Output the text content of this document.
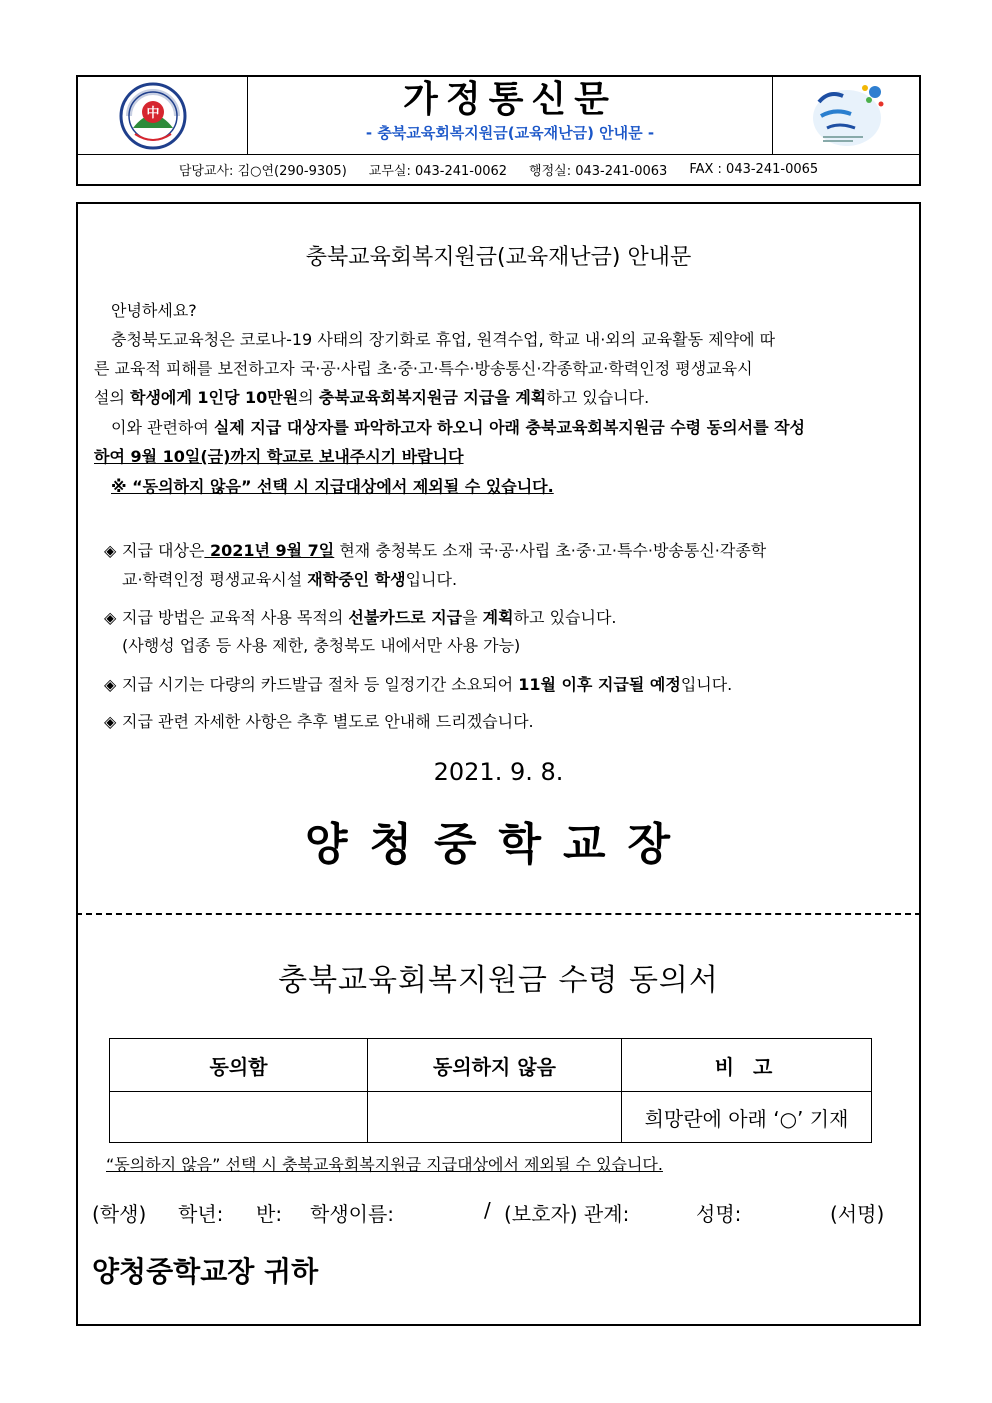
中	가정통신문
- 충북교육회복지원금(교육재난금) 안내문 -
담당교사: 김○연(290-9305) 교무실: 043-241-0062 행정실: 043-241-0063 FAX : 043-241-0065
충북교육회복지원금(교육재난금) 안내문
안녕하세요?
충청북도교육청은 코로나-19 사태의 장기화로 휴업, 원격수업, 학교 내·외의 교육활동 제약에 따
른 교육적 피해를 보전하고자 국·공·사립 초·중·고·특수·방송통신·각종학교·학력인정 평생교육시
설의 학생에게 1인당 10만원의 충북교육회복지원금 지급을 계획하고 있습니다.
이와 관련하여 실제 지급 대상자를 파악하고자 하오니 아래 충북교육회복지원금 수령 동의서를 작성
하여 9월 10일(금)까지 학교로 보내주시기 바랍니다
※ “동의하지 않음” 선택 시 지급대상에서 제외될 수 있습니다.
◈ 지급 대상은 2021년 9월 7일 현재 충청북도 소재 국·공·사립 초·중·고·특수·방송통신·각종학
교·학력인정 평생교육시설 재학중인 학생입니다.
◈ 지급 방법은 교육적 사용 목적의 선불카드로 지급을 계획하고 있습니다.
(사행성 업종 등 사용 제한, 충청북도 내에서만 사용 가능)
◈ 지급 시기는 다량의 카드발급 절차 등 일정기간 소요되어 11월 이후 지급될 예정입니다.
◈ 지급 관련 자세한 사항은 추후 별도로 안내해 드리겠습니다.
2021. 9. 8.
양청중학교장
충북교육회복지원금 수령 동의서
동의함	동의하지 않음	비 고
		희망란에 아래 ‘○’ 기재
“동의하지 않음” 선택 시 충북교육회복지원금 지급대상에서 제외될 수 있습니다.
(학생) 학년: 반: 학생이름:	/ (보호자) 관계:	성명:	(서명)
양청중학교장 귀하
